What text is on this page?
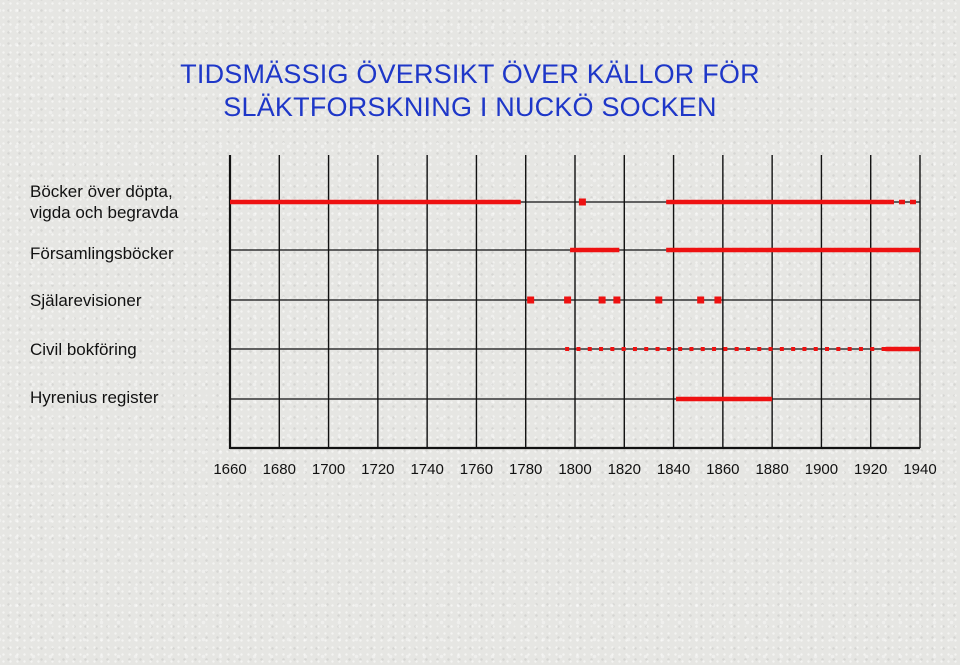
TIDSMÄSSIG ÖVERSIKT ÖVER KÄLLOR FÖR
SLÄKTFORSKNING I NUCKÖ SOCKEN
Böcker över döpta,
vigda och begravda
Församlingsböcker
Själarevisioner
Civil bokföring
Hyrenius register
1660 1680 1700 1720 1740 1760 1780 1800 1820 1840 1860 1880 1900 1920 1940
